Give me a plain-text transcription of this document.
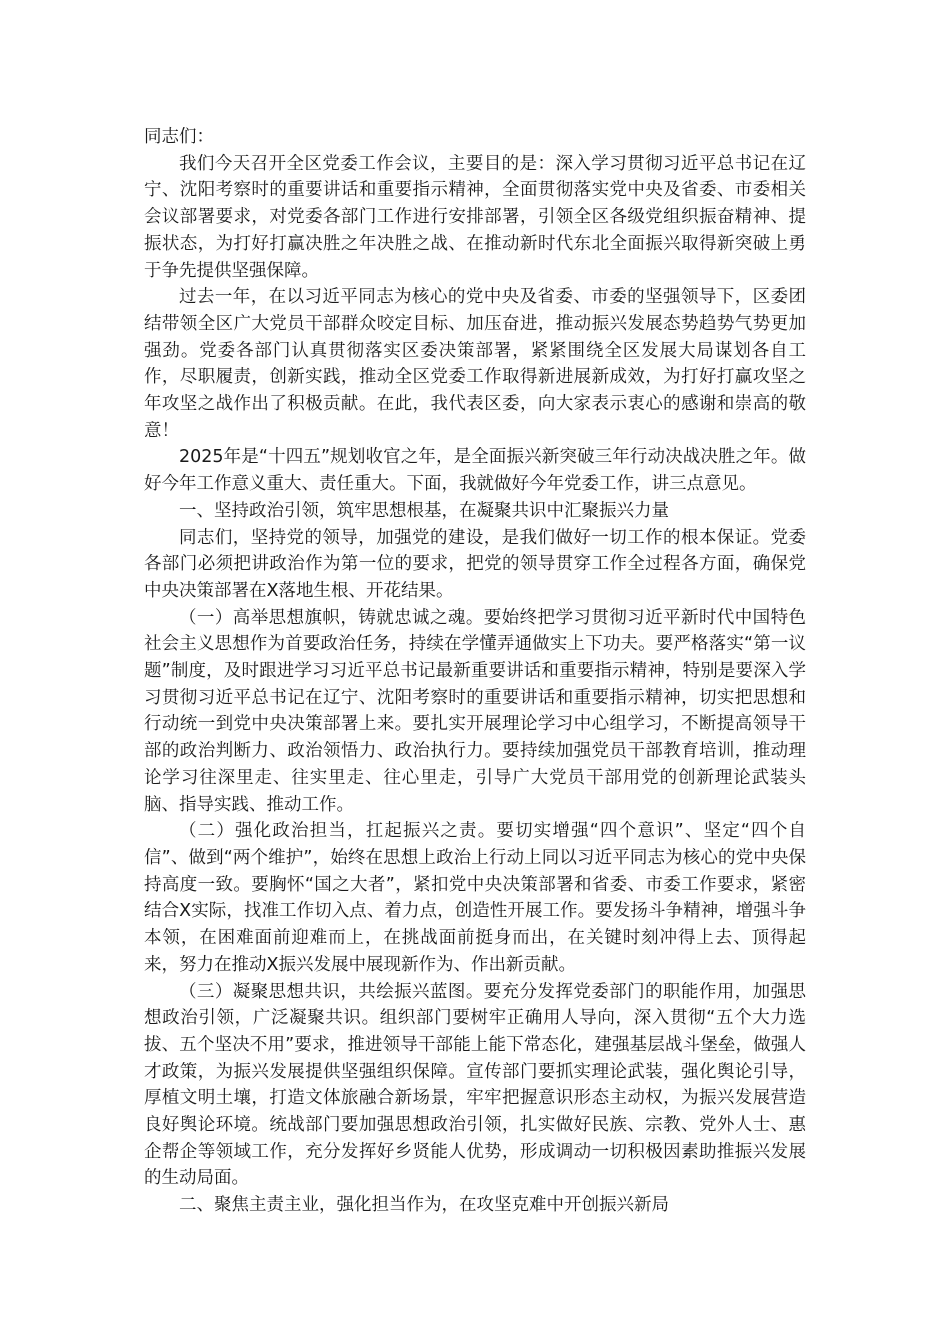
同志们：

我们今天召开全区党委工作会议，主要目的是：深入学习贯彻习近平总书记在辽宁、沈阳考察时的重要讲话和重要指示精神，全面贯彻落实党中央及省委、市委相关会议部署要求，对党委各部门工作进行安排部署，引领全区各级党组织振奋精神、提振状态，为打好打赢决胜之年决胜之战、在推动新时代东北全面振兴取得新突破上勇于争先提供坚强保障。

过去一年，在以习近平同志为核心的党中央及省委、市委的坚强领导下，区委团结带领全区广大党员干部群众咬定目标、加压奋进，推动振兴发展态势趋势气势更加强劲。党委各部门认真贯彻落实区委决策部署，紧紧围绕全区发展大局谋划各自工作，尽职履责，创新实践，推动全区党委工作取得新进展新成效，为打好打赢攻坚之年攻坚之战作出了积极贡献。在此，我代表区委，向大家表示衷心的感谢和崇高的敬意！

2025年是“十四五”规划收官之年，是全面振兴新突破三年行动决战决胜之年。做好今年工作意义重大、责任重大。下面，我就做好今年党委工作，讲三点意见。

一、坚持政治引领，筑牢思想根基，在凝聚共识中汇聚振兴力量

同志们，坚持党的领导，加强党的建设，是我们做好一切工作的根本保证。党委各部门必须把讲政治作为第一位的要求，把党的领导贯穿工作全过程各方面，确保党中央决策部署在X落地生根、开花结果。

（一）高举思想旗帜，铸就忠诚之魂。要始终把学习贯彻习近平新时代中国特色社会主义思想作为首要政治任务，持续在学懂弄通做实上下功夫。要严格落实“第一议题”制度，及时跟进学习习近平总书记最新重要讲话和重要指示精神，特别是要深入学习贯彻习近平总书记在辽宁、沈阳考察时的重要讲话和重要指示精神，切实把思想和行动统一到党中央决策部署上来。要扎实开展理论学习中心组学习，不断提高领导干部的政治判断力、政治领悟力、政治执行力。要持续加强党员干部教育培训，推动理论学习往深里走、往实里走、往心里走，引导广大党员干部用党的创新理论武装头脑、指导实践、推动工作。

（二）强化政治担当，扛起振兴之责。要切实增强“四个意识”、坚定“四个自信”、做到“两个维护”，始终在思想上政治上行动上同以习近平同志为核心的党中央保持高度一致。要胸怀“国之大者”，紧扣党中央决策部署和省委、市委工作要求，紧密结合X实际，找准工作切入点、着力点，创造性开展工作。要发扬斗争精神，增强斗争本领，在困难面前迎难而上，在挑战面前挺身而出，在关键时刻冲得上去、顶得起来，努力在推动X振兴发展中展现新作为、作出新贡献。

（三）凝聚思想共识，共绘振兴蓝图。要充分发挥党委部门的职能作用，加强思想政治引领，广泛凝聚共识。组织部门要树牢正确用人导向，深入贯彻“五个大力选拔、五个坚决不用”要求，推进领导干部能上能下常态化，建强基层战斗堡垒，做强人才政策，为振兴发展提供坚强组织保障。宣传部门要抓实理论武装，强化舆论引导，厚植文明土壤，打造文体旅融合新场景，牢牢把握意识形态主动权，为振兴发展营造良好舆论环境。统战部门要加强思想政治引领，扎实做好民族、宗教、党外人士、惠企帮企等领域工作，充分发挥好乡贤能人优势，形成调动一切积极因素助推振兴发展的生动局面。

二、聚焦主责主业，强化担当作为，在攻坚克难中开创振兴新局
